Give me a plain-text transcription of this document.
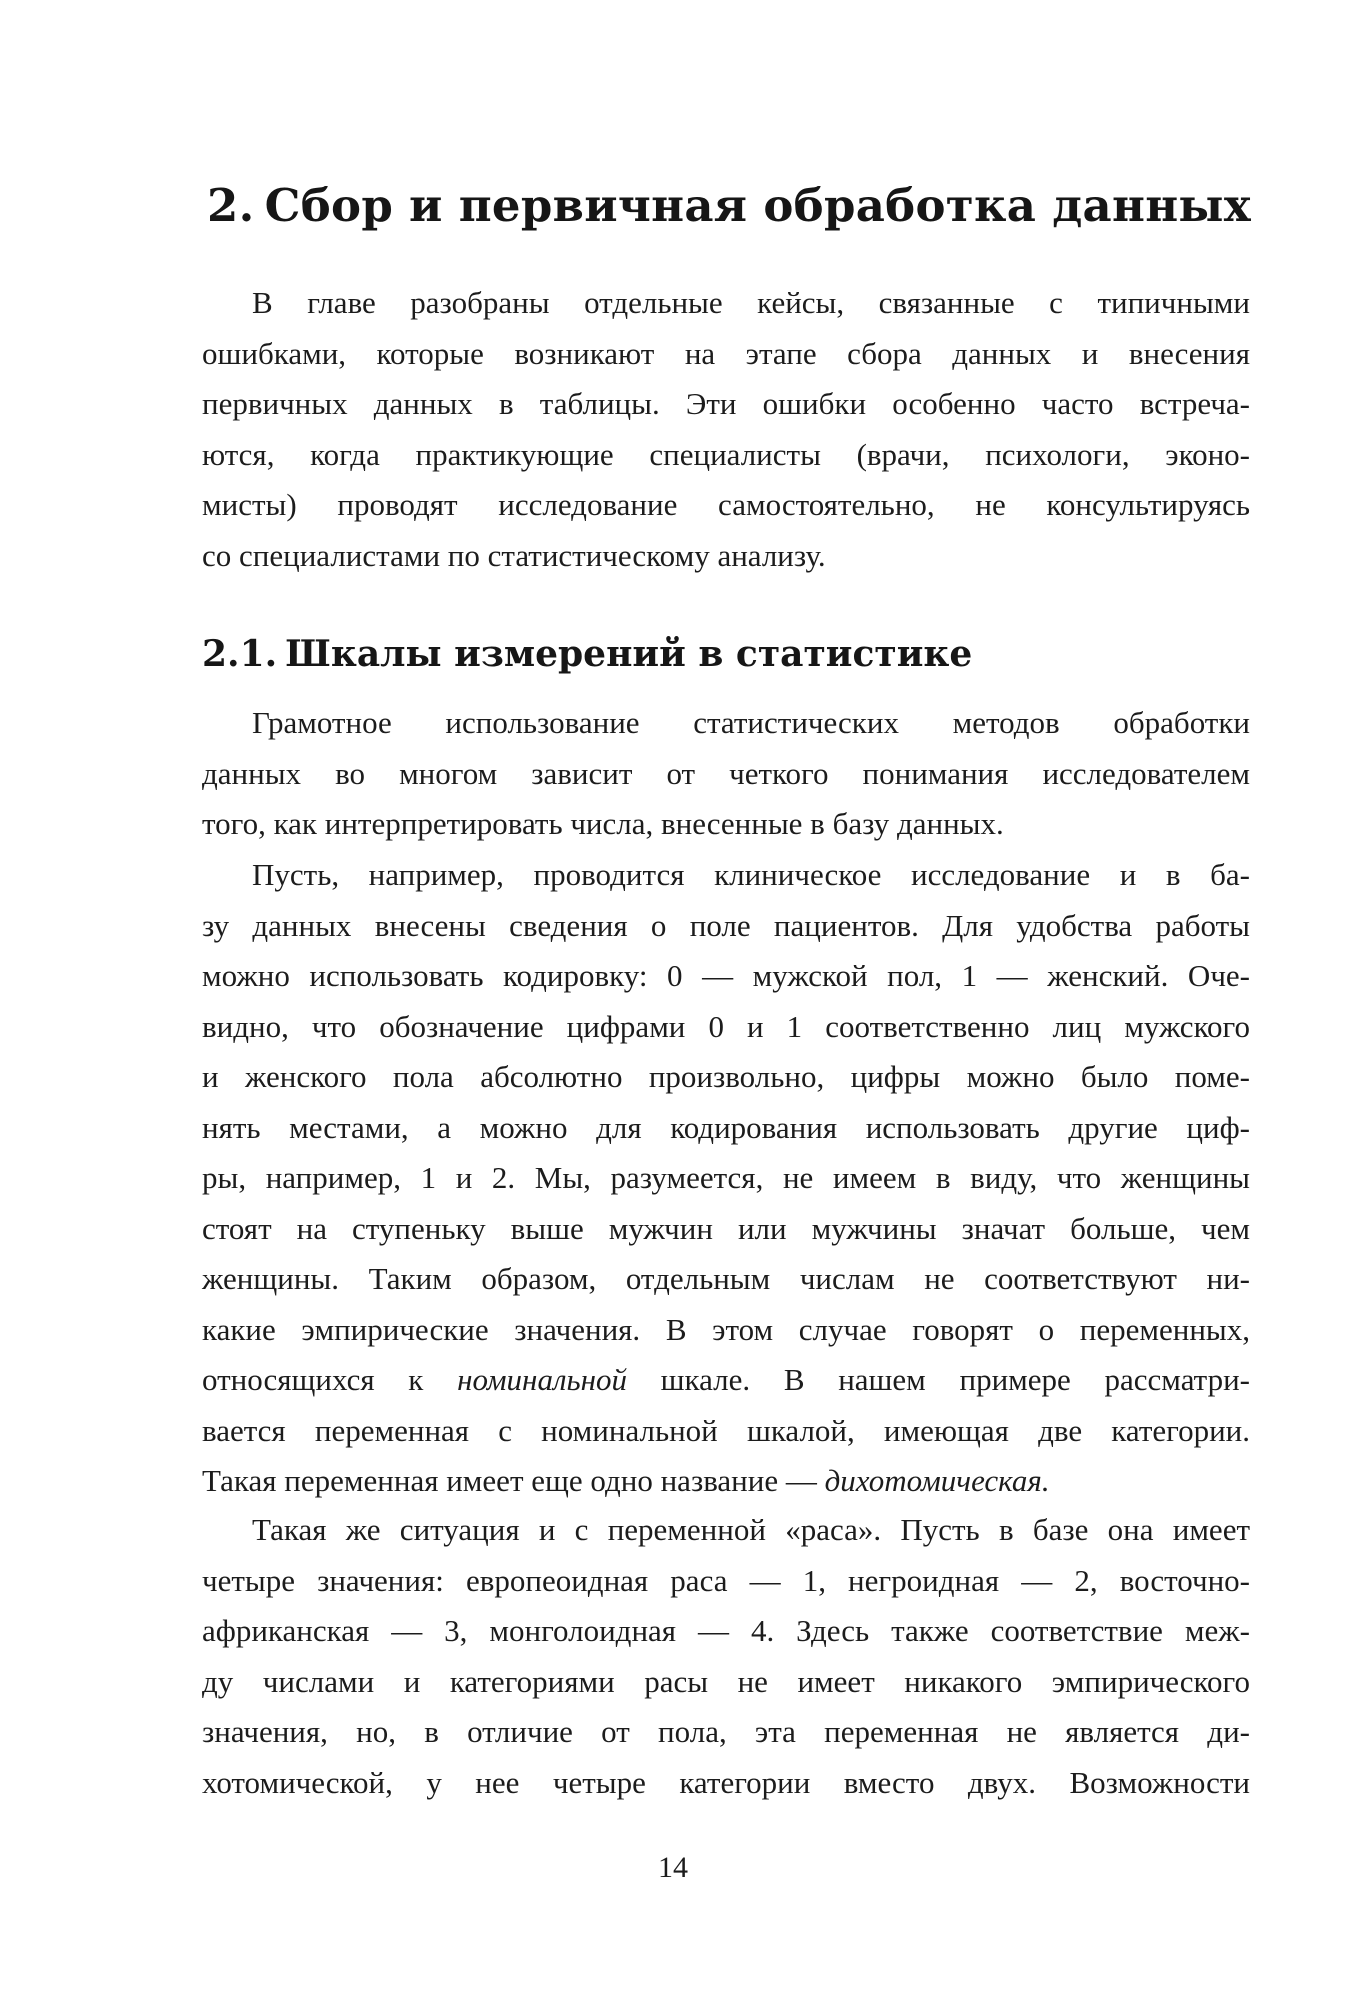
2. Сбор и первичная обработка данных

В главе разобраны отдельные кейсы, связанные с типичными
ошибками, которые возникают на этапе сбора данных и внесения
первичных данных в таблицы. Эти ошибки особенно часто встреча-
ются, когда практикующие специалисты (врачи, психологи, эконо-
мисты) проводят исследование самостоятельно, не консультируясь
со специалистами по статистическому анализу.

2.1. Шкалы измерений в статистике

Грамотное использование статистических методов обработки
данных во многом зависит от четкого понимания исследователем
того, как интерпретировать числа, внесенные в базу данных.

Пусть, например, проводится клиническое исследование и в ба-
зу данных внесены сведения о поле пациентов. Для удобства работы
можно использовать кодировку: 0 — мужской пол, 1 — женский. Оче-
видно, что обозначение цифрами 0 и 1 соответственно лиц мужского
и женского пола абсолютно произвольно, цифры можно было поме-
нять местами, а можно для кодирования использовать другие циф-
ры, например, 1 и 2. Мы, разумеется, не имеем в виду, что женщины
стоят на ступеньку выше мужчин или мужчины значат больше, чем
женщины. Таким образом, отдельным числам не соответствуют ни-
какие эмпирические значения. В этом случае говорят о переменных,
относящихся к номинальной шкале. В нашем примере рассматри-
вается переменная с номинальной шкалой, имеющая две категории.
Такая переменная имеет еще одно название — дихотомическая.

Такая же ситуация и с переменной «раса». Пусть в базе она имеет
четыре значения: европеоидная раса — 1, негроидная — 2, восточно-
африканская — 3, монголоидная — 4. Здесь также соответствие меж-
ду числами и категориями расы не имеет никакого эмпирического
значения, но, в отличие от пола, эта переменная не является ди-
хотомической, у нее четыре категории вместо двух. Возможности

14
